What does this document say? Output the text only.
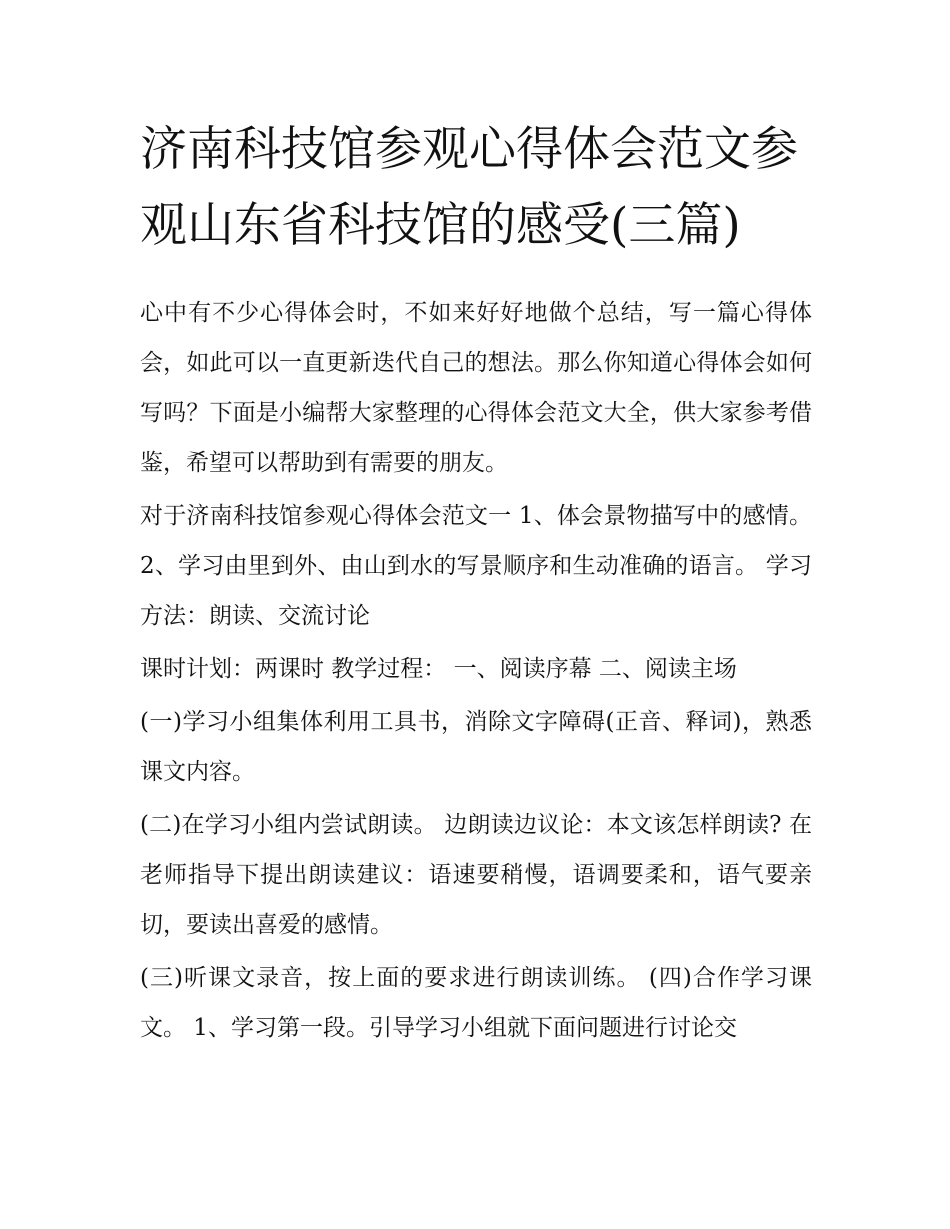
济南科技馆参观心得体会范文参观山东省科技馆的感受(三篇)

心中有不少心得体会时，不如来好好地做个总结，写一篇心得体会，如此可以一直更新迭代自己的想法。那么你知道心得体会如何写吗？下面是小编帮大家整理的心得体会范文大全，供大家参考借鉴，希望可以帮助到有需要的朋友。

对于济南科技馆参观心得体会范文一 1、体会景物描写中的感情。 2、学习由里到外、由山到水的写景顺序和生动准确的语言。 学习方法：朗读、交流讨论

课时计划：两课时 教学过程： 一、阅读序幕 二、阅读主场

(一)学习小组集体利用工具书，消除文字障碍(正音、释词)，熟悉课文内容。

(二)在学习小组内尝试朗读。 边朗读边议论：本文该怎样朗读? 在老师指导下提出朗读建议：语速要稍慢，语调要柔和，语气要亲切，要读出喜爱的感情。

(三)听课文录音，按上面的要求进行朗读训练。 (四)合作学习课文。 1、学习第一段。引导学习小组就下面问题进行讨论交
